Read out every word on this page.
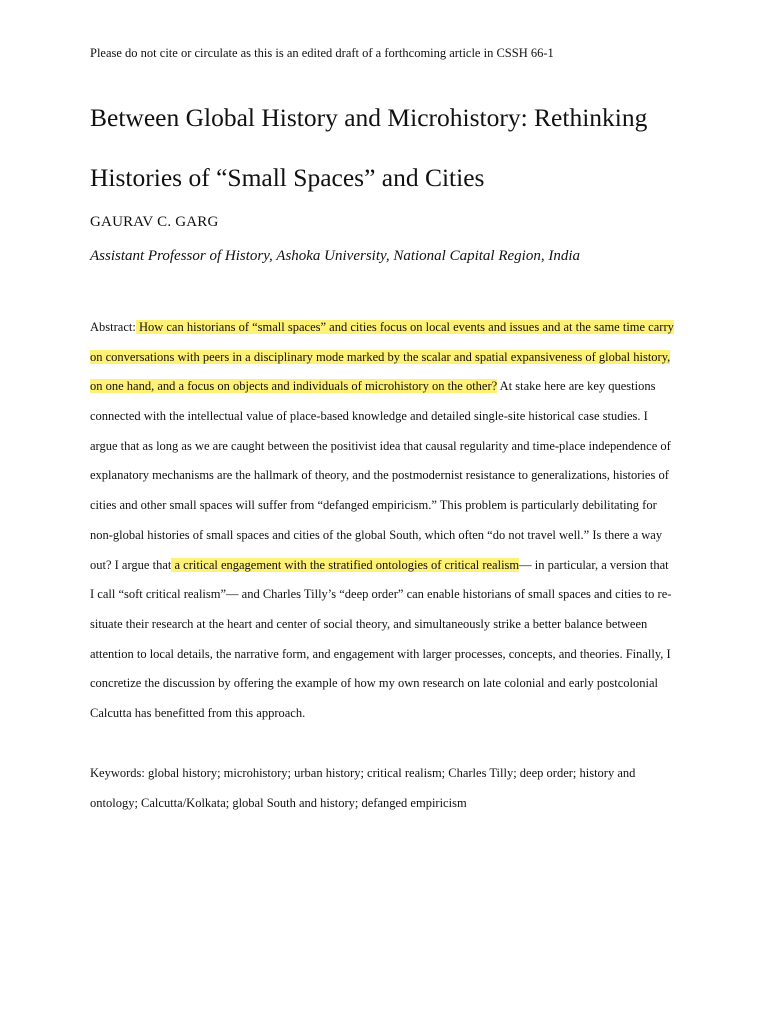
Please do not cite or circulate as this is an edited draft of a forthcoming article in CSSH 66-1
Between Global History and Microhistory: Rethinking
Histories of “Small Spaces” and Cities
GAURAV C. GARG
Assistant Professor of History, Ashoka University, National Capital Region, India
Abstract: How can historians of “small spaces” and cities focus on local events and issues and at the same time carry
on conversations with peers in a disciplinary mode marked by the scalar and spatial expansiveness of global history,
on one hand, and a focus on objects and individuals of microhistory on the other? At stake here are key questions
connected with the intellectual value of place-based knowledge and detailed single-site historical case studies. I
argue that as long as we are caught between the positivist idea that causal regularity and time-place independence of
explanatory mechanisms are the hallmark of theory, and the postmodernist resistance to generalizations, histories of
cities and other small spaces will suffer from “defanged empiricism.” This problem is particularly debilitating for
non-global histories of small spaces and cities of the global South, which often “do not travel well.” Is there a way
out? I argue that a critical engagement with the stratified ontologies of critical realism— in particular, a version that
I call “soft critical realism”— and Charles Tilly’s “deep order” can enable historians of small spaces and cities to re-
situate their research at the heart and center of social theory, and simultaneously strike a better balance between
attention to local details, the narrative form, and engagement with larger processes, concepts, and theories. Finally, I
concretize the discussion by offering the example of how my own research on late colonial and early postcolonial
Calcutta has benefitted from this approach.
Keywords: global history; microhistory; urban history; critical realism; Charles Tilly; deep order; history and
ontology; Calcutta/Kolkata; global South and history; defanged empiricism
